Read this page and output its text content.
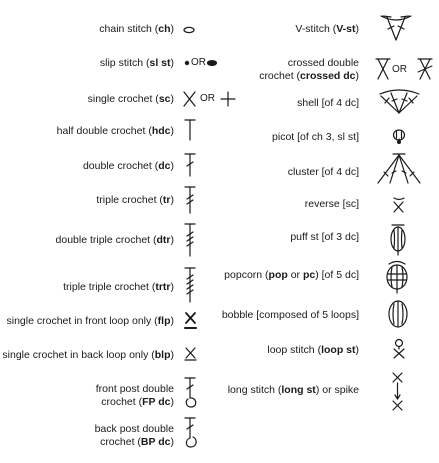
chain stitch (ch)
slip stitch (sl st)
single crochet (sc)
half double crochet (hdc)
double crochet (dc)
triple crochet (tr)
double triple crochet (dtr)
triple triple crochet (trtr)
single crochet in front loop only (flp)
single crochet in back loop only (blp)
front post double
crochet (FP dc)
back post double
crochet (BP dc)
V-stitch (V-st)
crossed double
crochet (crossed dc)
shell [of 4 dc]
picot [of ch 3, sl st]
cluster [of 4 dc]
reverse [sc]
puff st [of 3 dc]
popcorn (pop or pc) [of 5 dc]
bobble [composed of 5 loops]
loop stitch (loop st)
long stitch (long st) or spike
OR
OR
OR
